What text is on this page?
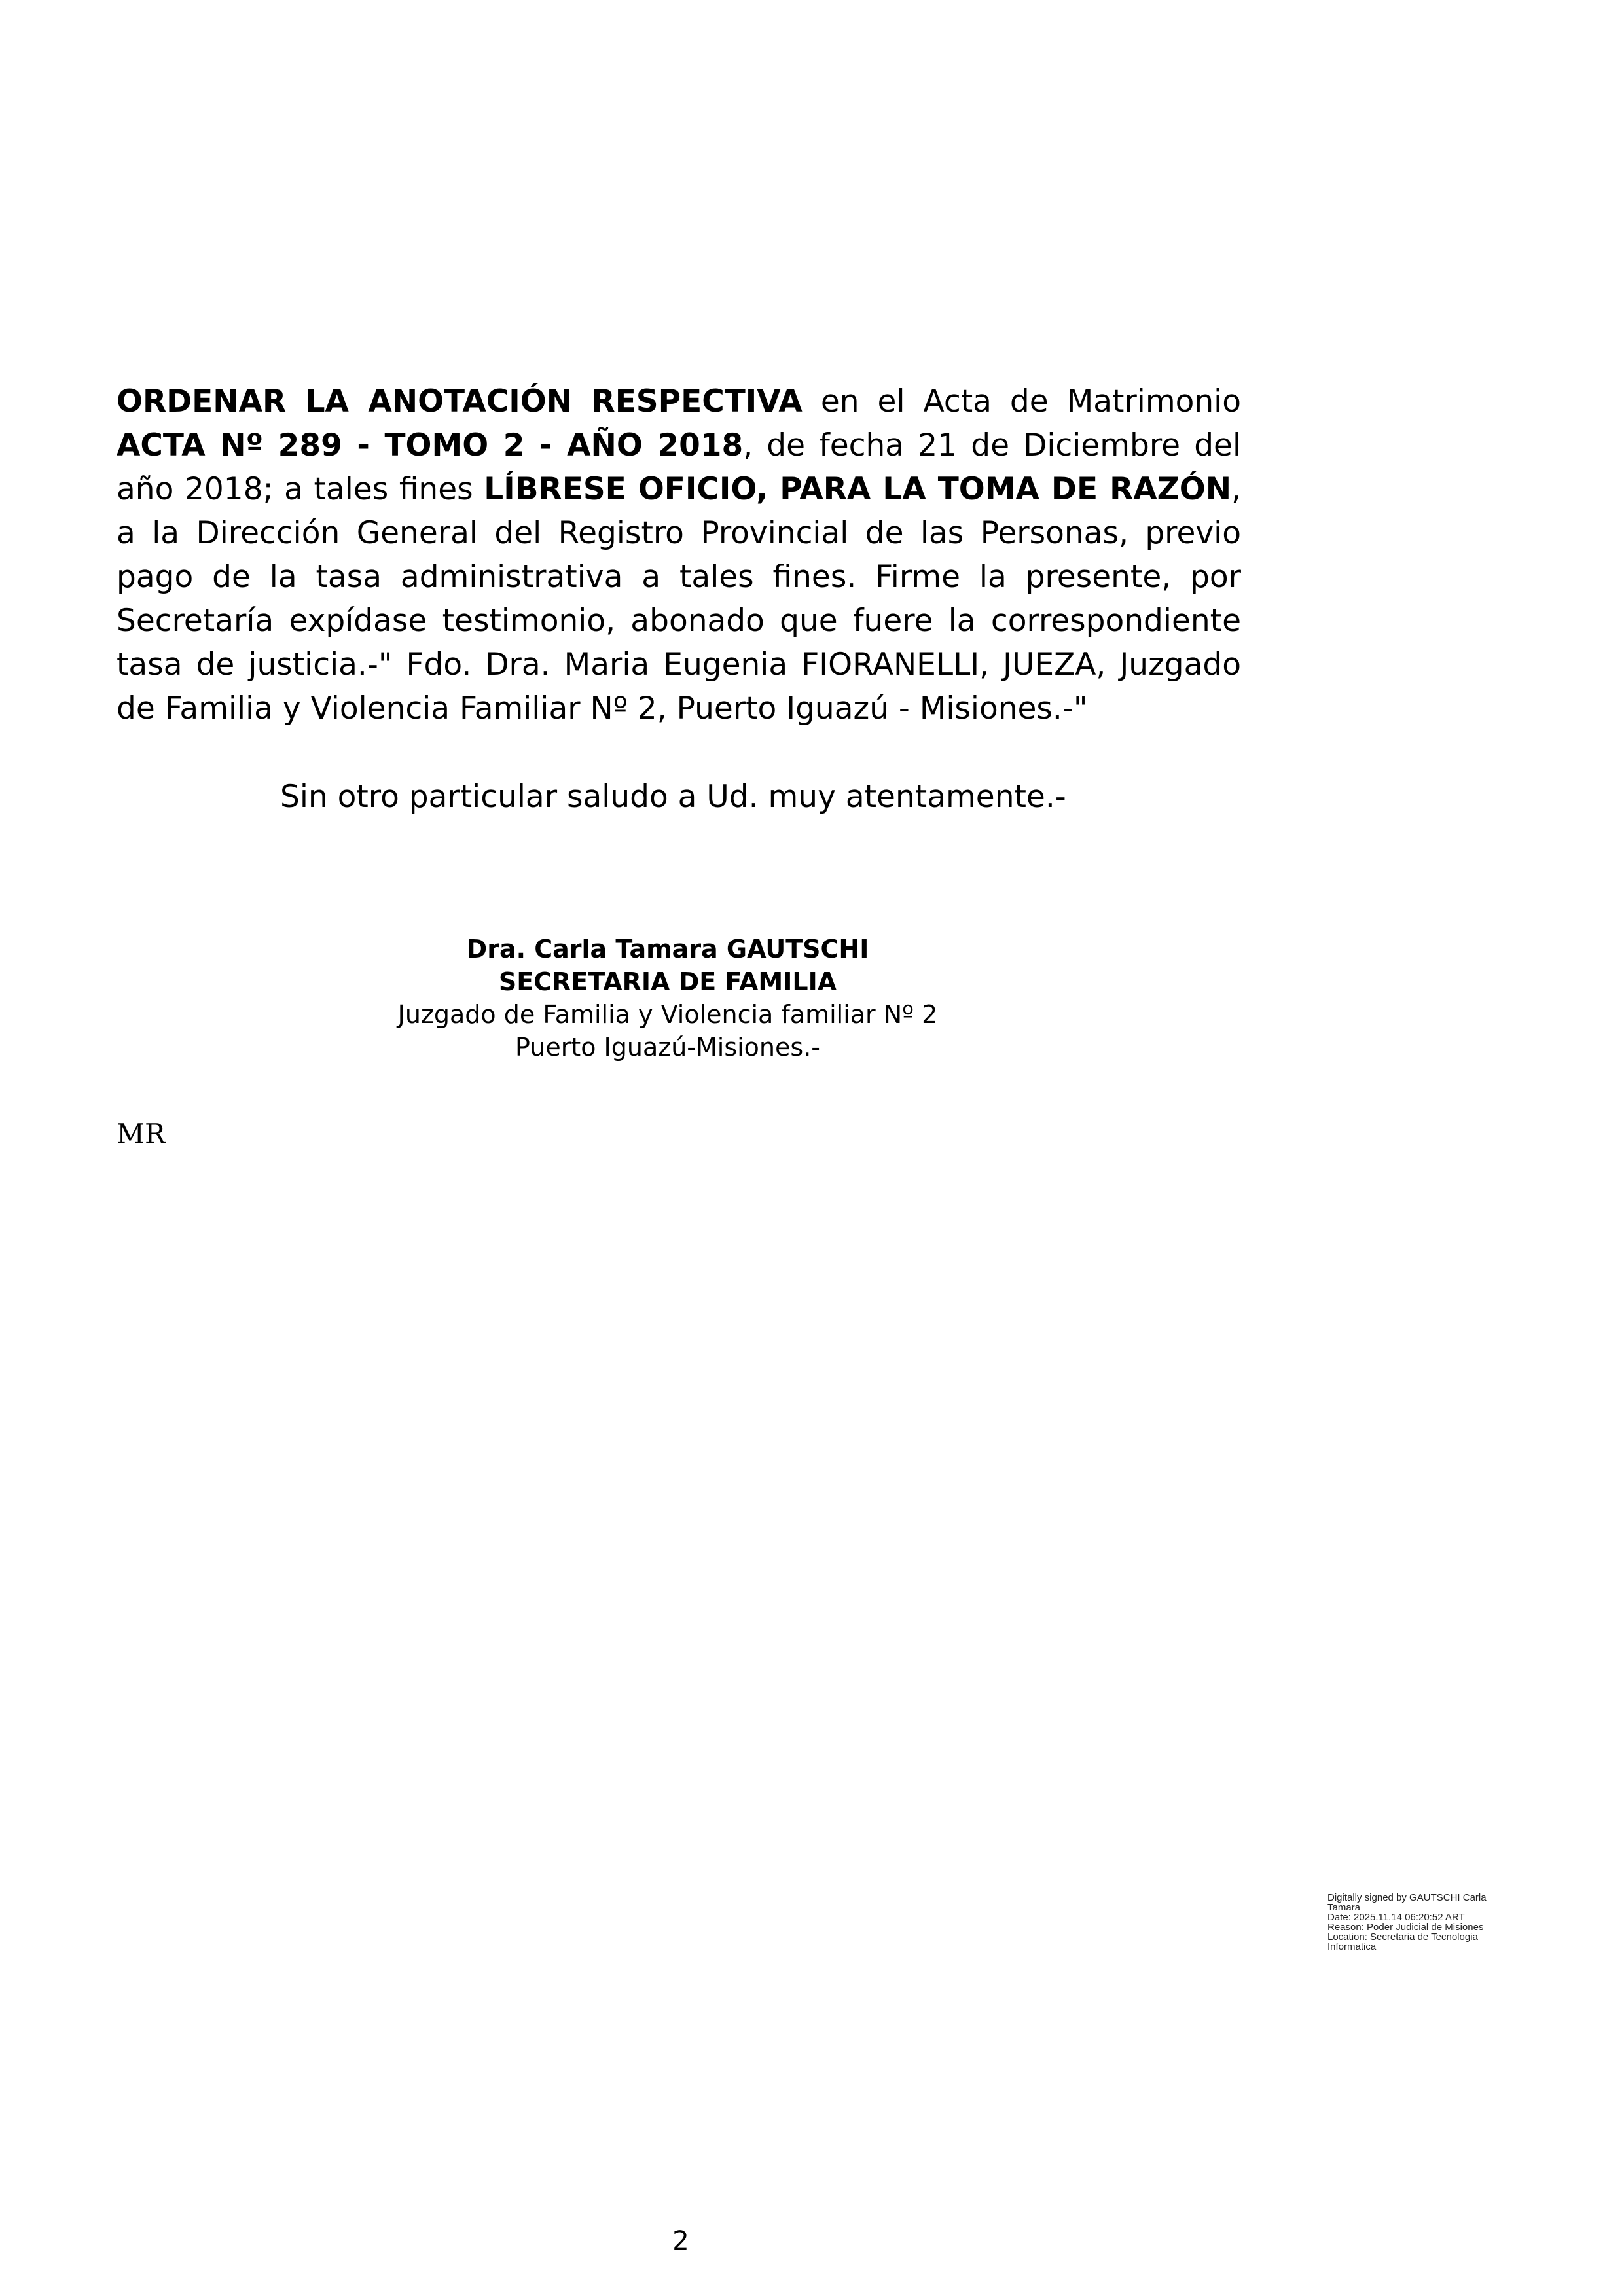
ORDENAR LA ANOTACIÓN RESPECTIVA en el Acta de Matrimonio ACTA Nº 289 - TOMO 2 - AÑO 2018, de fecha 21 de Diciembre del año 2018; a tales fines LÍBRESE OFICIO, PARA LA TOMA DE RAZÓN, a la Dirección General del Registro Provincial de las Personas, previo pago de la tasa administrativa a tales fines. Firme la presente, por Secretaría expídase testimonio, abonado que fuere la correspondiente tasa de justicia.-" Fdo. Dra. Maria Eugenia FIORANELLI, JUEZA, Juzgado de Familia y Violencia Familiar Nº 2, Puerto Iguazú - Misiones.-"

Sin otro particular saludo a Ud. muy atentamente.-
Dra. Carla Tamara GAUTSCHI
SECRETARIA DE FAMILIA
Juzgado de Familia y Violencia familiar Nº 2
Puerto Iguazú-Misiones.-
MR
Digitally signed by GAUTSCHI Carla
Tamara
Date: 2025.11.14 06:20:52 ART
Reason: Poder Judicial de Misiones
Location: Secretaria de Tecnologia
Informatica
2
